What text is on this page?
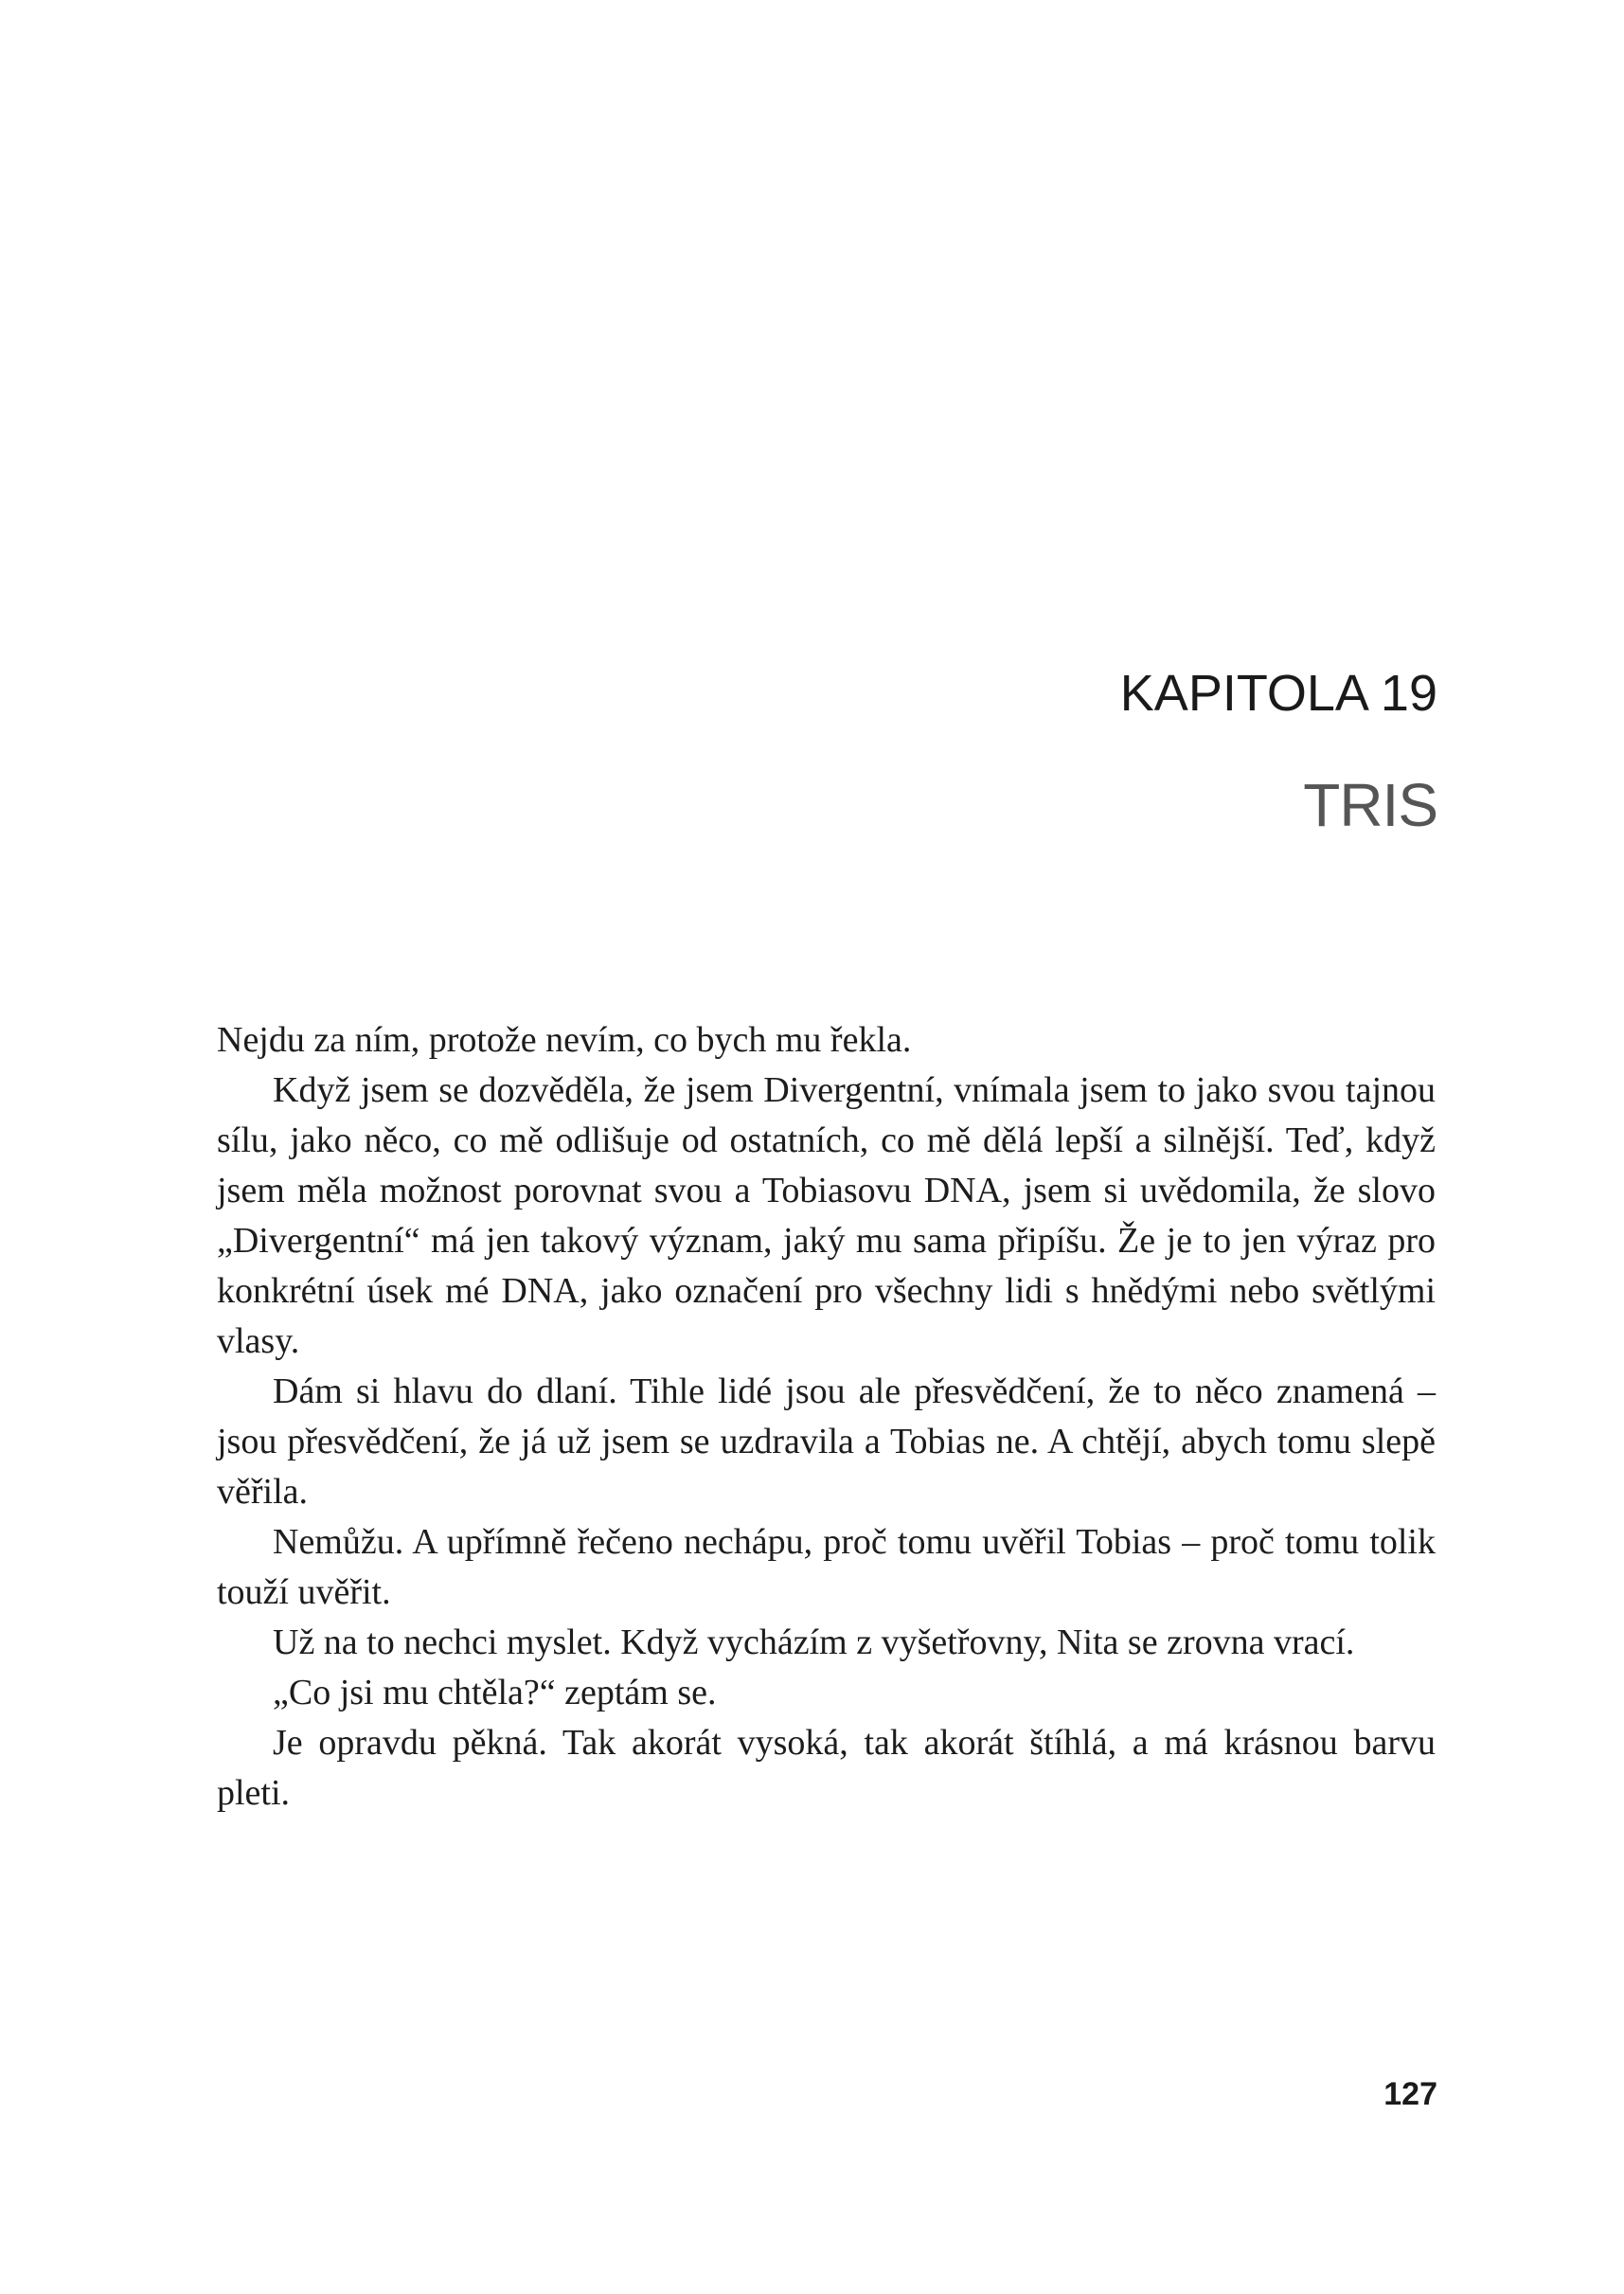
KAPITOLA 19
TRIS

Nejdu za ním, protože nevím, co bych mu řekla.

Když jsem se dozvěděla, že jsem Divergentní, vnímala jsem to jako svou tajnou sílu, jako něco, co mě odlišuje od ostatních, co mě dělá lepší a silnější. Teď, když jsem měla možnost porovnat svou a Tobiasovu DNA, jsem si uvědomila, že slovo „Divergentní“ má jen takový význam, jaký mu sama připíšu. Že je to jen výraz pro konkrétní úsek mé DNA, jako označení pro všechny lidi s hnědými nebo světlými vlasy.

Dám si hlavu do dlaní. Tihle lidé jsou ale přesvědčení, že to něco znamená – jsou přesvědčení, že já už jsem se uzdravila a Tobias ne. A chtějí, abych tomu slepě věřila.

Nemůžu. A upřímně řečeno nechápu, proč tomu uvěřil Tobias – proč tomu tolik touží uvěřit.

Už na to nechci myslet. Když vycházím z vyšetřovny, Nita se zrovna vrací.

„Co jsi mu chtěla?“ zeptám se.

Je opravdu pěkná. Tak akorát vysoká, tak akorát štíhlá, a má krásnou barvu pleti.

127
